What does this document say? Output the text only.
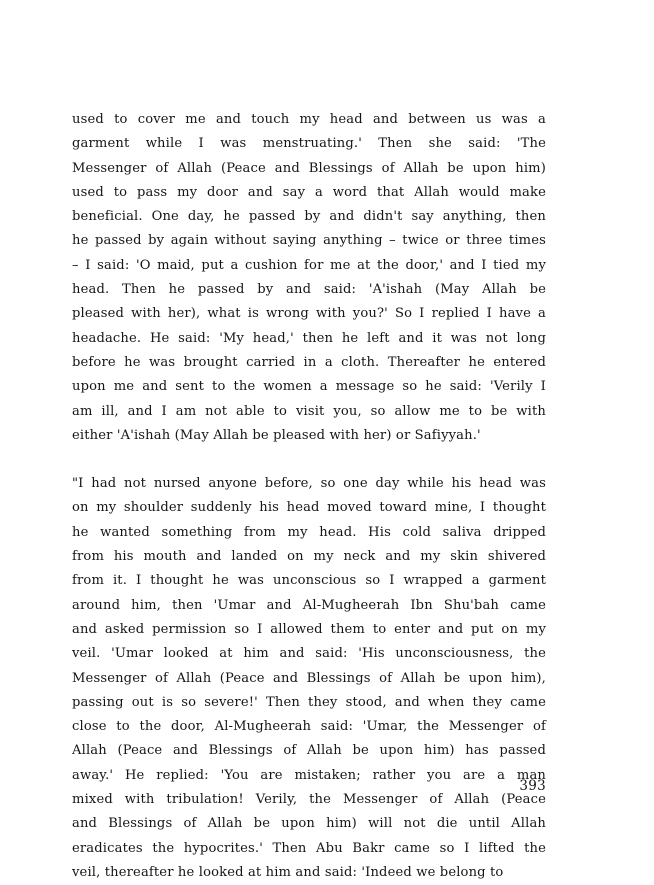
used to cover me and touch my head and between us was a
garment while I was menstruating.' Then she said: 'The
Messenger of Allah (Peace and Blessings of Allah be upon him)
used to pass my door and say a word that Allah would make
beneficial. One day, he passed by and didn't say anything, then
he passed by again without saying anything – twice or three times
– I said: 'O maid, put a cushion for me at the door,' and I tied my
head. Then he passed by and said: 'A'ishah (May Allah be
pleased with her), what is wrong with you?' So I replied I have a
headache. He said: 'My head,' then he left and it was not long
before he was brought carried in a cloth. Thereafter he entered
upon me and sent to the women a message so he said: 'Verily I
am ill, and I am not able to visit you, so allow me to be with
either 'A'ishah (May Allah be pleased with her) or Safiyyah.'
"I had not nursed anyone before, so one day while his head was
on my shoulder suddenly his head moved toward mine, I thought
he wanted something from my head. His cold saliva dripped
from his mouth and landed on my neck and my skin shivered
from it. I thought he was unconscious so I wrapped a garment
around him, then 'Umar and Al-Mugheerah Ibn Shu'bah came
and asked permission so I allowed them to enter and put on my
veil. 'Umar looked at him and said: 'His unconsciousness, the
Messenger of Allah (Peace and Blessings of Allah be upon him),
passing out is so severe!' Then they stood, and when they came
close to the door, Al-Mugheerah said: 'Umar, the Messenger of
Allah (Peace and Blessings of Allah be upon him) has passed
away.' He replied: 'You are mistaken; rather you are a man
mixed with tribulation! Verily, the Messenger of Allah (Peace
and Blessings of Allah be upon him) will not die until Allah
eradicates the hypocrites.' Then Abu Bakr came so I lifted the
veil, thereafter he looked at him and said: 'Indeed we belong to
393
